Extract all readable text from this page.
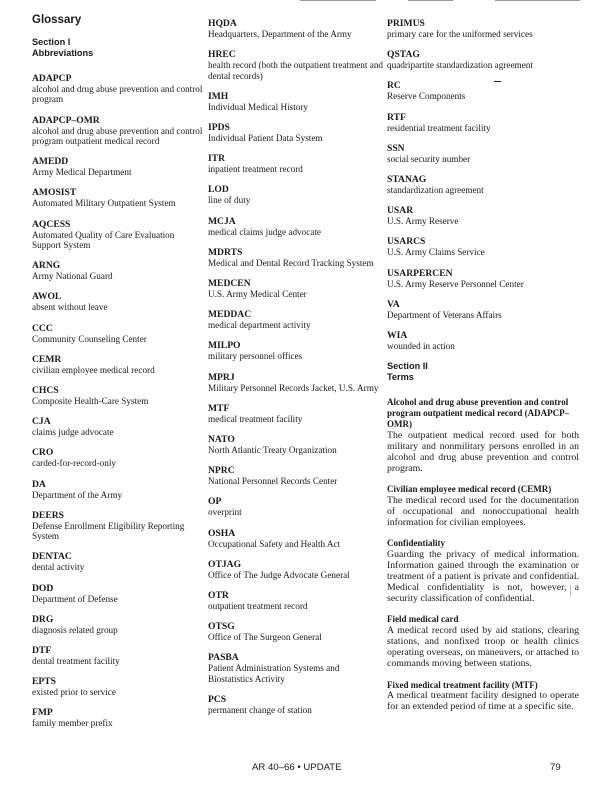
Glossary
Section I
Abbreviations
ADAPCP
alcohol and drug abuse prevention and control program
ADAPCP–OMR
alcohol and drug abuse prevention and control program outpatient medical record
AMEDD
Army Medical Department
AMOSIST
Automated Military Outpatient System
AQCESS
Automated Quality of Care Evaluation Support System
ARNG
Army National Guard
AWOL
absent without leave
CCC
Community Counseling Center
CEMR
civilian employee medical record
CHCS
Composite Health-Care System
CJA
claims judge advocate
CRO
carded-for-record-only
DA
Department of the Army
DEERS
Defense Enrollment Eligibility Reporting System
DENTAC
dental activity
DOD
Department of Defense
DRG
diagnosis related group
DTF
dental treatment facility
EPTS
existed prior to service
FMP
family member prefix
HQDA
Headquarters, Department of the Army
HREC
health record (both the outpatient treatment and dental records)
IMH
Individual Medical History
IPDS
Individual Patient Data System
ITR
inpatient treatment record
LOD
line of duty
MCJA
medical claims judge advocate
MDRTS
Medical and Dental Record Tracking System
MEDCEN
U.S. Army Medical Center
MEDDAC
medical department activity
MILPO
military personnel offices
MPRJ
Military Personnel Records Jacket, U.S. Army
MTF
medical treatment facility
NATO
North Atlantic Treaty Organization
NPRC
National Personnel Records Center
OP
overprint
OSHA
Occupational Safety and Health Act
OTJAG
Office of The Judge Advocate General
OTR
outpatient treatment record
OTSG
Office of The Surgeon General
PASBA
Patient Administration Systems and Biostatistics Activity
PCS
permanent change of station
PRIMUS
primary care for the uniformed services
QSTAG
quadripartite standardization agreement
RC
Reserve Components
RTF
residential treatment facility
SSN
social security number
STANAG
standardization agreement
USAR
U.S. Army Reserve
USARCS
U.S. Army Claims Service
USARPERCEN
U.S. Army Reserve Personnel Center
VA
Department of Veterans Affairs
WIA
wounded in action
Section II
Terms
Alcohol and drug abuse prevention and control program outpatient medical record (ADAPCP–OMR)
The outpatient medical record used for both military and nonmilitary persons enrolled in an alcohol and drug abuse prevention and control program.
Civilian employee medical record (CEMR)
The medical record used for the documentation of occupational and nonoccupational health information for civilian employees.
Confidentiality
Guarding the privacy of medical information. Information gained through the examination or treatment of a patient is private and confidential. Medical confidentiality is not, however, a security classification of confidential.
Field medical card
A medical record used by aid stations, clearing stations, and nonfixed troop or health clinics operating overseas, on maneuvers, or attached to commands moving between stations.
Fixed medical treatment facility (MTF)
A medical treatment facility designed to operate for an extended period of time at a specific site.
AR 40–66 • UPDATE	79
